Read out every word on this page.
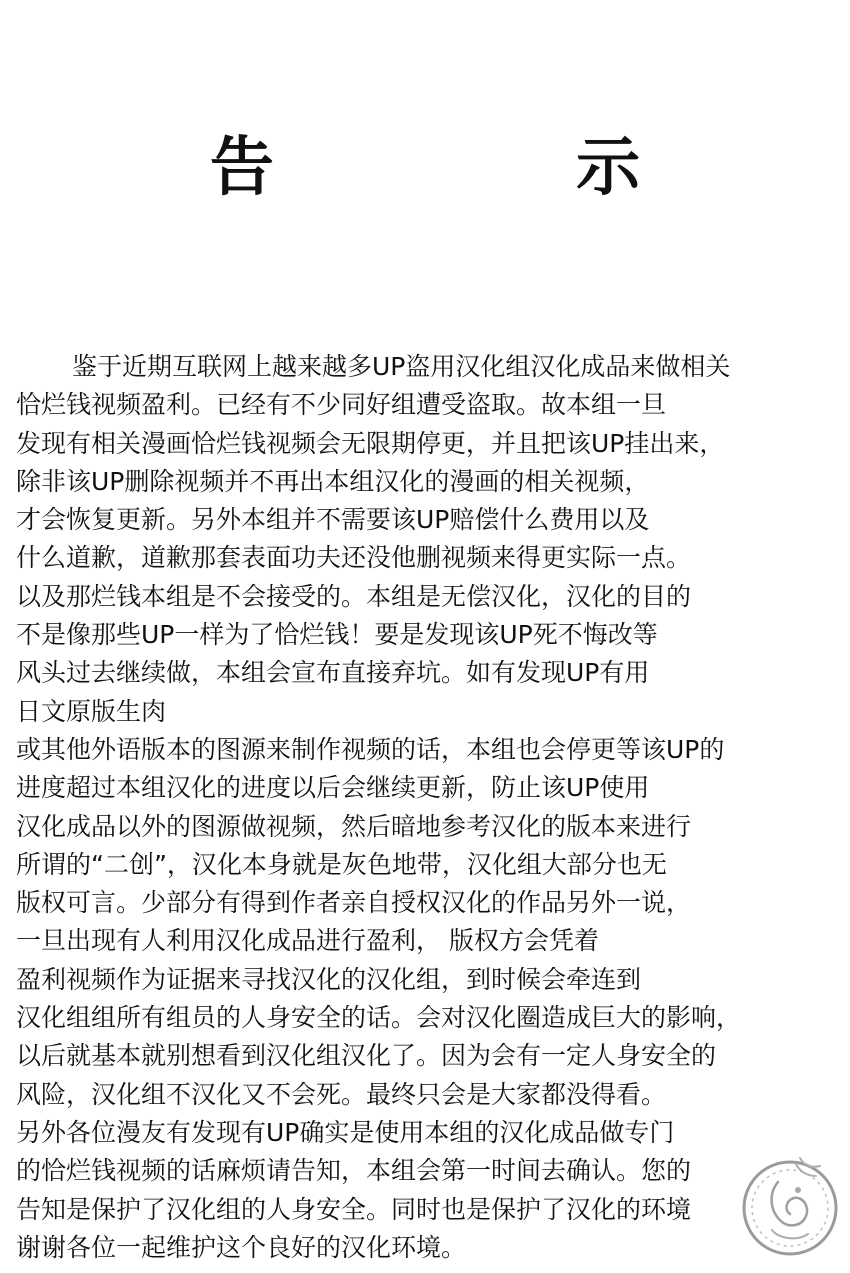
告 示
鉴于近期互联网上越来越多UP盗用汉化组汉化成品来做相关
恰烂钱视频盈利。已经有不少同好组遭受盗取。故本组一旦
发现有相关漫画恰烂钱视频会无限期停更，并且把该UP挂出来，
除非该UP删除视频并不再出本组汉化的漫画的相关视频，
才会恢复更新。另外本组并不需要该UP赔偿什么费用以及
什么道歉，道歉那套表面功夫还没他删视频来得更实际一点。
以及那烂钱本组是不会接受的。本组是无偿汉化，汉化的目的
不是像那些UP一样为了恰烂钱！要是发现该UP死不悔改等
风头过去继续做，本组会宣布直接弃坑。如有发现UP有用
日文原版生肉
或其他外语版本的图源来制作视频的话，本组也会停更等该UP的
进度超过本组汉化的进度以后会继续更新，防止该UP使用
汉化成品以外的图源做视频，然后暗地参考汉化的版本来进行
所谓的“二创”，汉化本身就是灰色地带，汉化组大部分也无
版权可言。少部分有得到作者亲自授权汉化的作品另外一说，
一旦出现有人利用汉化成品进行盈利， 版权方会凭着
盈利视频作为证据来寻找汉化的汉化组，到时候会牵连到
汉化组组所有组员的人身安全的话。会对汉化圈造成巨大的影响，
以后就基本就别想看到汉化组汉化了。因为会有一定人身安全的
风险，汉化组不汉化又不会死。最终只会是大家都没得看。
另外各位漫友有发现有UP确实是使用本组的汉化成品做专门
的恰烂钱视频的话麻烦请告知，本组会第一时间去确认。您的
告知是保护了汉化组的人身安全。同时也是保护了汉化的环境
谢谢各位一起维护这个良好的汉化环境。
